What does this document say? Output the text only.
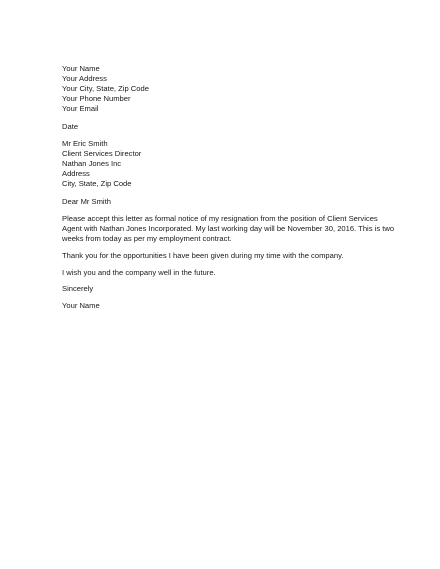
Your Name
Your Address
Your City, State, Zip Code
Your Phone Number
Your Email
Date
Mr Eric Smith
Client Services Director
Nathan Jones Inc
Address
City, State, Zip Code
Dear Mr Smith
Please accept this letter as formal notice of my resignation from the position of Client Services
Agent with Nathan Jones Incorporated. My last working day will be November 30, 2016. This is two
weeks from today as per my employment contract.
Thank you for the opportunities I have been given during my time with the company.
I wish you and the company well in the future.
Sincerely
Your Name
